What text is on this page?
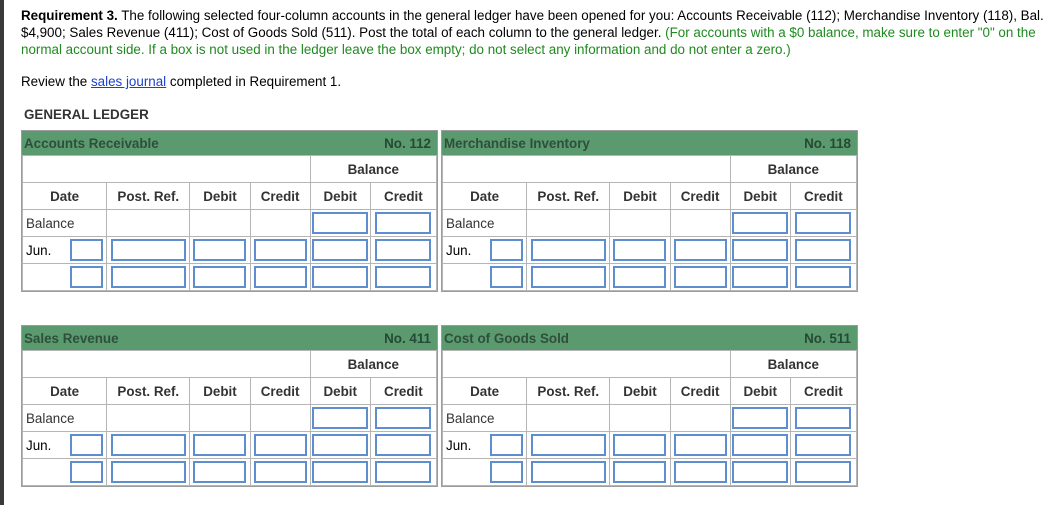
Requirement 3. The following selected four-column accounts in the general ledger have been opened for you: Accounts Receivable (112); Merchandise Inventory (118), Bal. $4,900; Sales Revenue (411); Cost of Goods Sold (511). Post the total of each column to the general ledger. (For accounts with a $0 balance, make sure to enter "0" on the normal account side. If a box is not used in the ledger leave the box empty; do not select any information and do not enter a zero.)

Review the sales journal completed in Requirement 1.
GENERAL LEDGER
Accounts Receivable	No. 112
				Balance	
Date	Post. Ref.	Debit	Credit	Debit	Credit
Balance				

Jun.

Merchandise Inventory	No. 118
				Balance	
Date	Post. Ref.	Debit	Credit	Debit	Credit
Balance				

Jun.

Sales Revenue	No. 411
				Balance	
Date	Post. Ref.	Debit	Credit	Debit	Credit
Balance				

Jun.

Cost of Goods Sold	No. 511
				Balance	
Date	Post. Ref.	Debit	Credit	Debit	Credit
Balance				

Jun.
